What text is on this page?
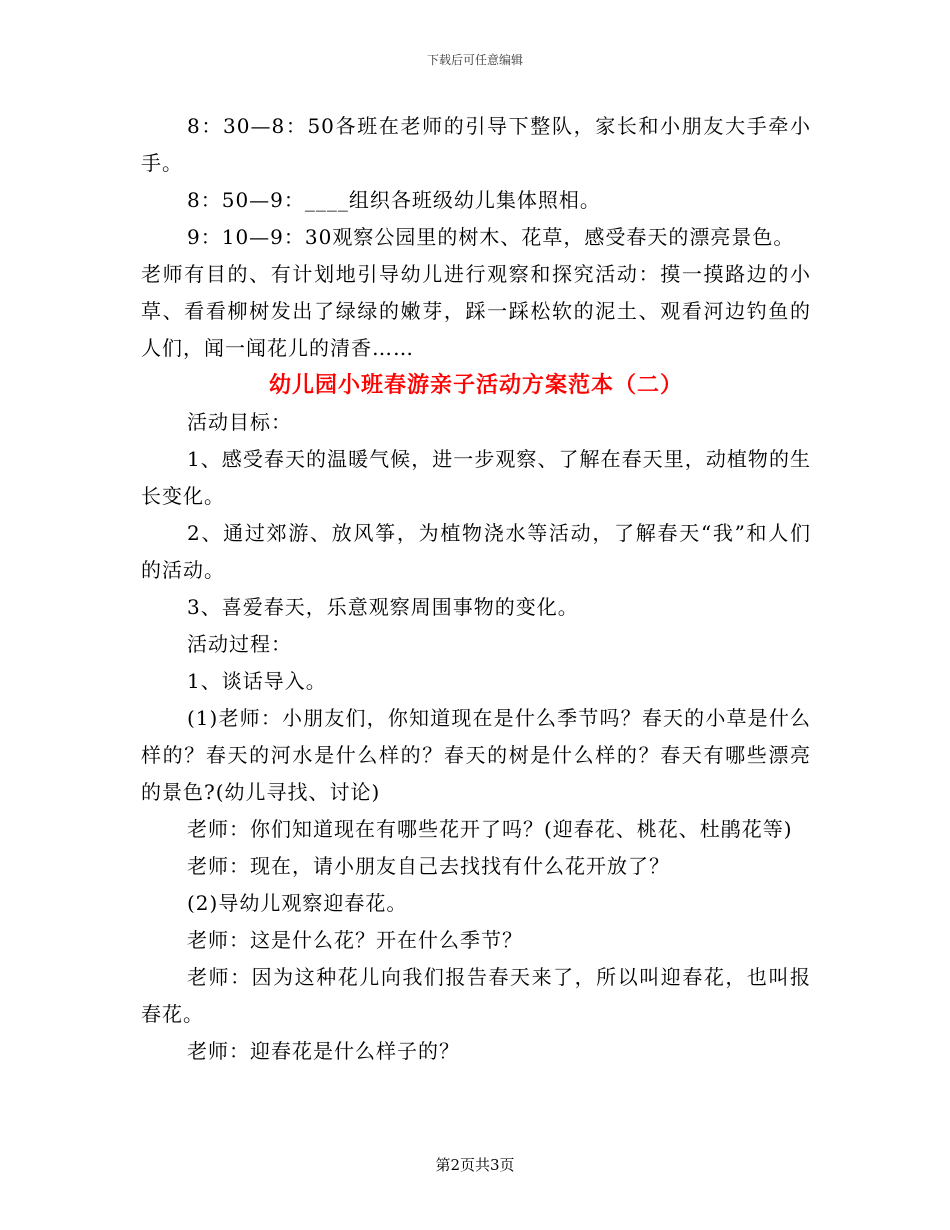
下载后可任意编辑

8：30—8：50各班在老师的引导下整队，家长和小朋友大手牵小手。

8：50—9：____组织各班级幼儿集体照相。

9：10—9：30观察公园里的树木、花草，感受春天的漂亮景色。

老师有目的、有计划地引导幼儿进行观察和探究活动：摸一摸路边的小草、看看柳树发出了绿绿的嫩芽，踩一踩松软的泥土、观看河边钓鱼的人们，闻一闻花儿的清香……

幼儿园小班春游亲子活动方案范本（二）

活动目标：

1、感受春天的温暖气候，进一步观察、了解在春天里，动植物的生长变化。

2、通过郊游、放风筝，为植物浇水等活动，了解春天“我”和人们的活动。

3、喜爱春天，乐意观察周围事物的变化。

活动过程：

1、谈话导入。

(1)老师：小朋友们，你知道现在是什么季节吗？春天的小草是什么样的？春天的河水是什么样的？春天的树是什么样的？春天有哪些漂亮的景色?(幼儿寻找、讨论)

老师：你们知道现在有哪些花开了吗？(迎春花、桃花、杜鹃花等)

老师：现在，请小朋友自己去找找有什么花开放了？

(2)导幼儿观察迎春花。

老师：这是什么花？开在什么季节？

老师：因为这种花儿向我们报告春天来了，所以叫迎春花，也叫报春花。

老师：迎春花是什么样子的？

第2页共3页
